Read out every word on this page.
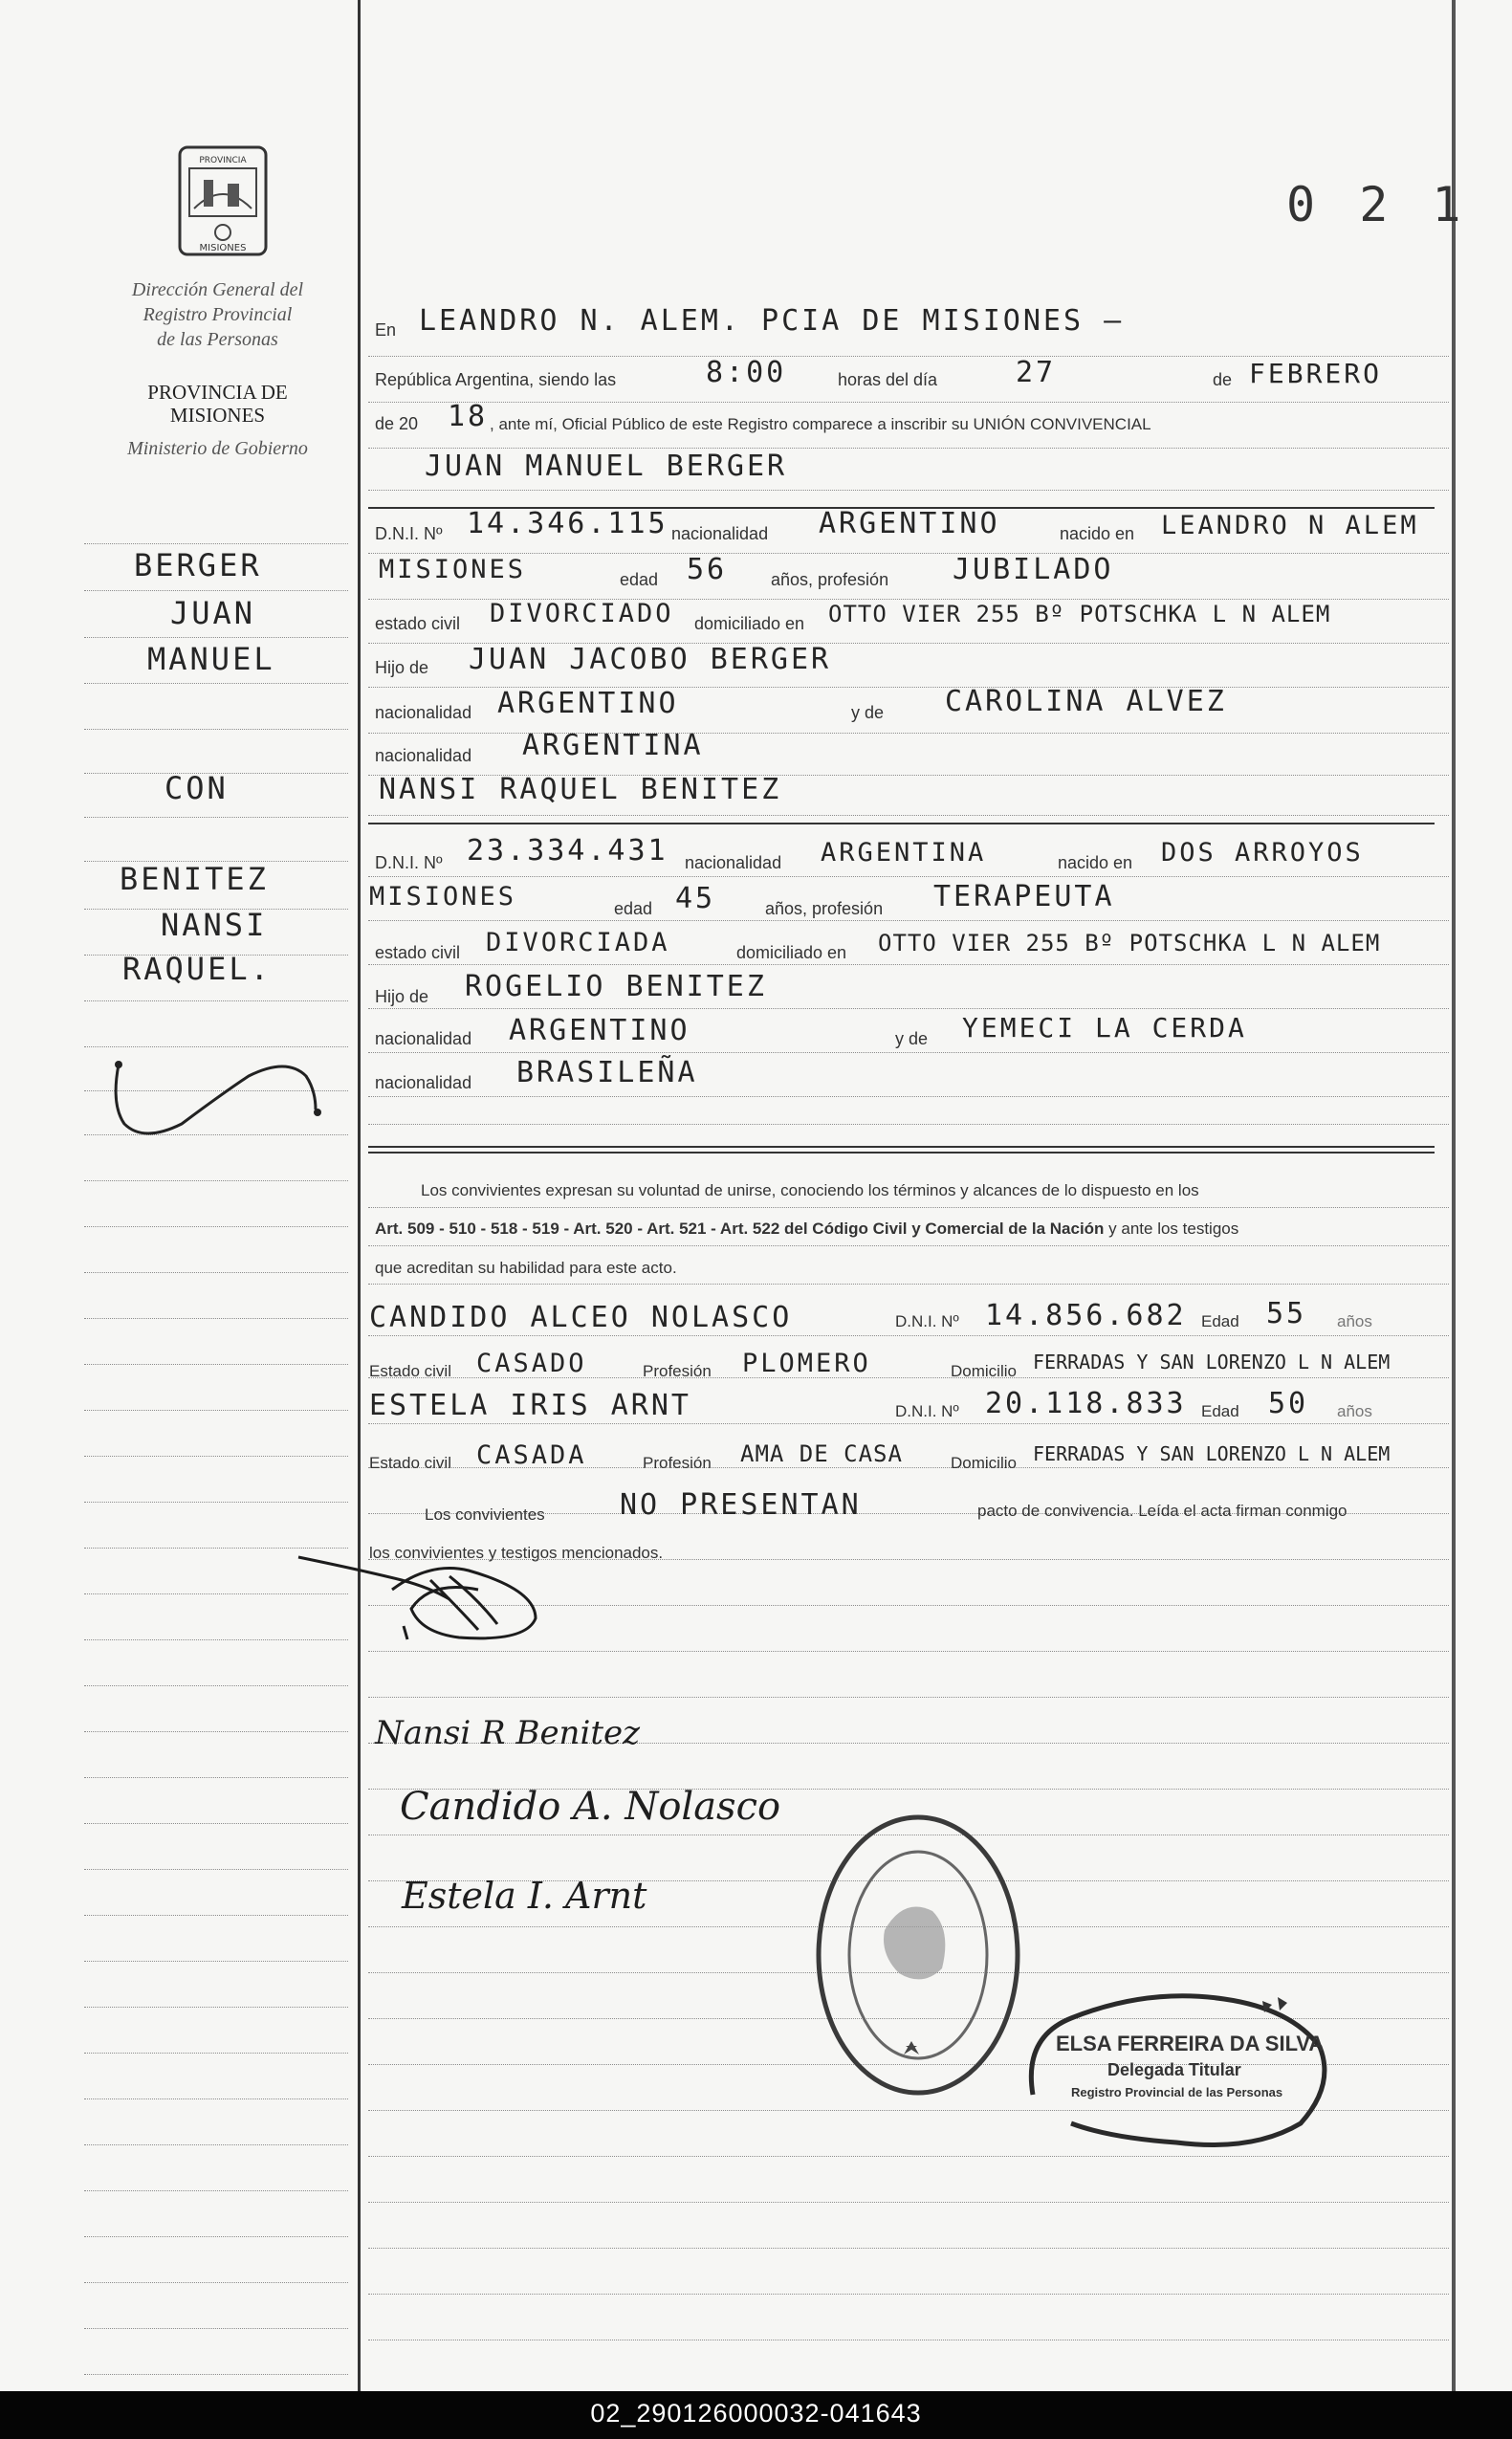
0 2 1
PROVINCIA
MISIONES
Dirección General del
Registro Provincial
de las Personas
PROVINCIA DE
MISIONES
Ministerio de Gobierno
BERGER
JUAN
MANUEL
CON
BENITEZ
NANSI
RAQUEL.
En LEANDRO N. ALEM. PCIA DE MISIONES —
República Argentina, siendo las	8:00	horas del día	27	de FEBRERO
de 20 18 , ante mí, Oficial Público de este Registro comparece a inscribir su UNIÓN CONVIVENCIAL
JUAN MANUEL BERGER
D.N.I. Nº 14.346.115 nacionalidad ARGENTINO	nacido en LEANDRO N ALEM
MISIONES	edad 56	años, profesión JUBILADO
estado civil DIVORCIADO domiciliado en OTTO VIER 255 Bº POTSCHKA L N ALEM
Hijo de JUAN JACOBO BERGER
nacionalidad ARGENTINO	y de CAROLINA ALVEZ
nacionalidad ARGENTINA
NANSI RAQUEL BENITEZ
D.N.I. Nº 23.334.431 nacionalidad ARGENTINA	nacido en DOS ARROYOS
MISIONES	edad 45	años, profesión TERAPEUTA
estado civil DIVORCIADA	domiciliado en OTTO VIER 255 Bº POTSCHKA L N ALEM
Hijo de ROGELIO BENITEZ
nacionalidad ARGENTINO	y de YEMECI LA CERDA
nacionalidad BRASILEÑA
Los convivientes expresan su voluntad de unirse, conociendo los términos y alcances de lo dispuesto en los
Art. 509 - 510 - 518 - 519 - Art. 520 - Art. 521 - Art. 522 del Código Civil y Comercial de la Nación y ante los testigos
que acreditan su habilidad para este acto.
CANDIDO ALCEO NOLASCO	D.N.I. Nº 14.856.682 Edad 55 años
Estado civil CASADO	Profesión PLOMERO	Domicilio FERRADAS Y SAN LORENZO L N ALEM
ESTELA IRIS ARNT	D.N.I. Nº 20.118.833 Edad 50 años
Estado civil CASADA	Profesión AMA DE CASA	Domicilio FERRADAS Y SAN LORENZO L N ALEM
Los convivientes	NO PRESENTAN	pacto de convivencia. Leída el acta firman conmigo
los convivientes y testigos mencionados.
Nansi R Benitez
Candido A. Nolasco
Estela I. Arnt
ELSA FERREIRA DA SILVA
Delegada Titular
Registro Provincial de las Personas
02_290126000032-041643
